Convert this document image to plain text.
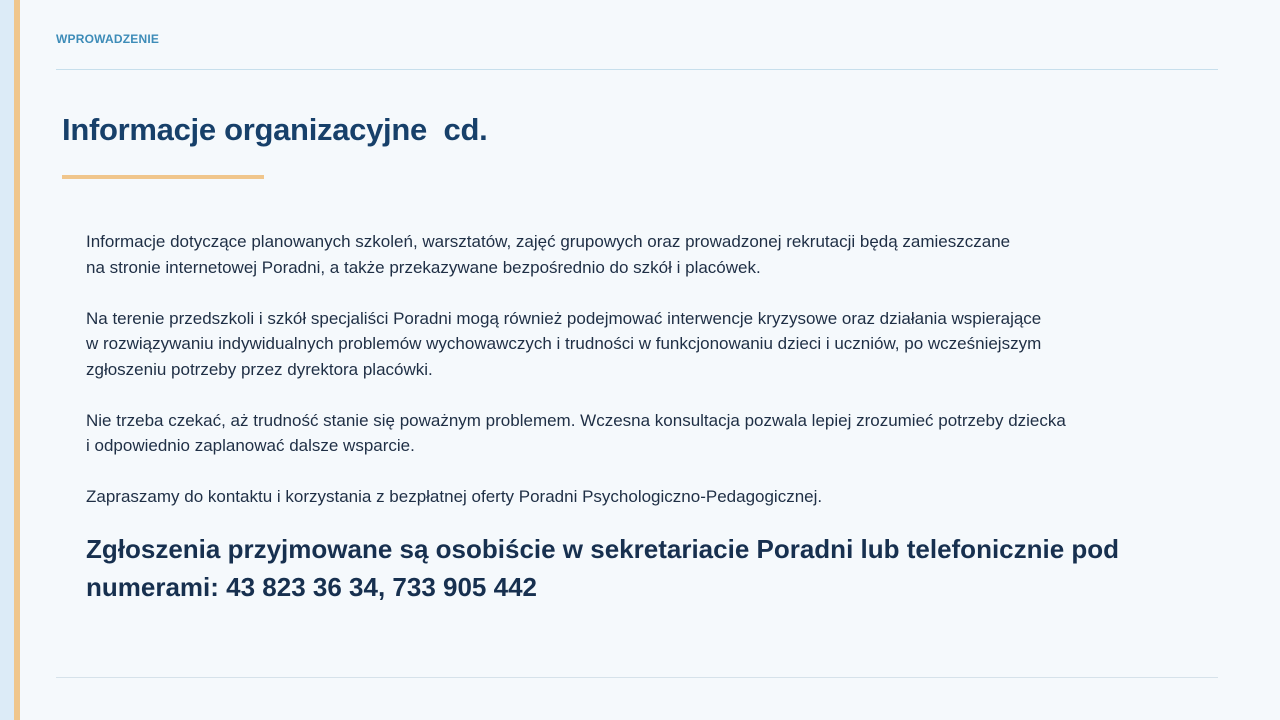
WPROWADZENIE
Informacje organizacyjne  cd.

Informacje dotyczące planowanych szkoleń, warsztatów, zajęć grupowych oraz prowadzonej rekrutacji będą zamieszczane
na stronie internetowej Poradni, a także przekazywane bezpośrednio do szkół i placówek.

Na terenie przedszkoli i szkół specjaliści Poradni mogą również podejmować interwencje kryzysowe oraz działania wspierające
w rozwiązywaniu indywidualnych problemów wychowawczych i trudności w funkcjonowaniu dzieci i uczniów, po wcześniejszym
zgłoszeniu potrzeby przez dyrektora placówki.

Nie trzeba czekać, aż trudność stanie się poważnym problemem. Wczesna konsultacja pozwala lepiej zrozumieć potrzeby dziecka
i odpowiednio zaplanować dalsze wsparcie.

Zapraszamy do kontaktu i korzystania z bezpłatnej oferty Poradni Psychologiczno-Pedagogicznej.

Zgłoszenia przyjmowane są osobiście w sekretariacie Poradni lub telefonicznie pod numerami: 43 823 36 34, 733 905 442
